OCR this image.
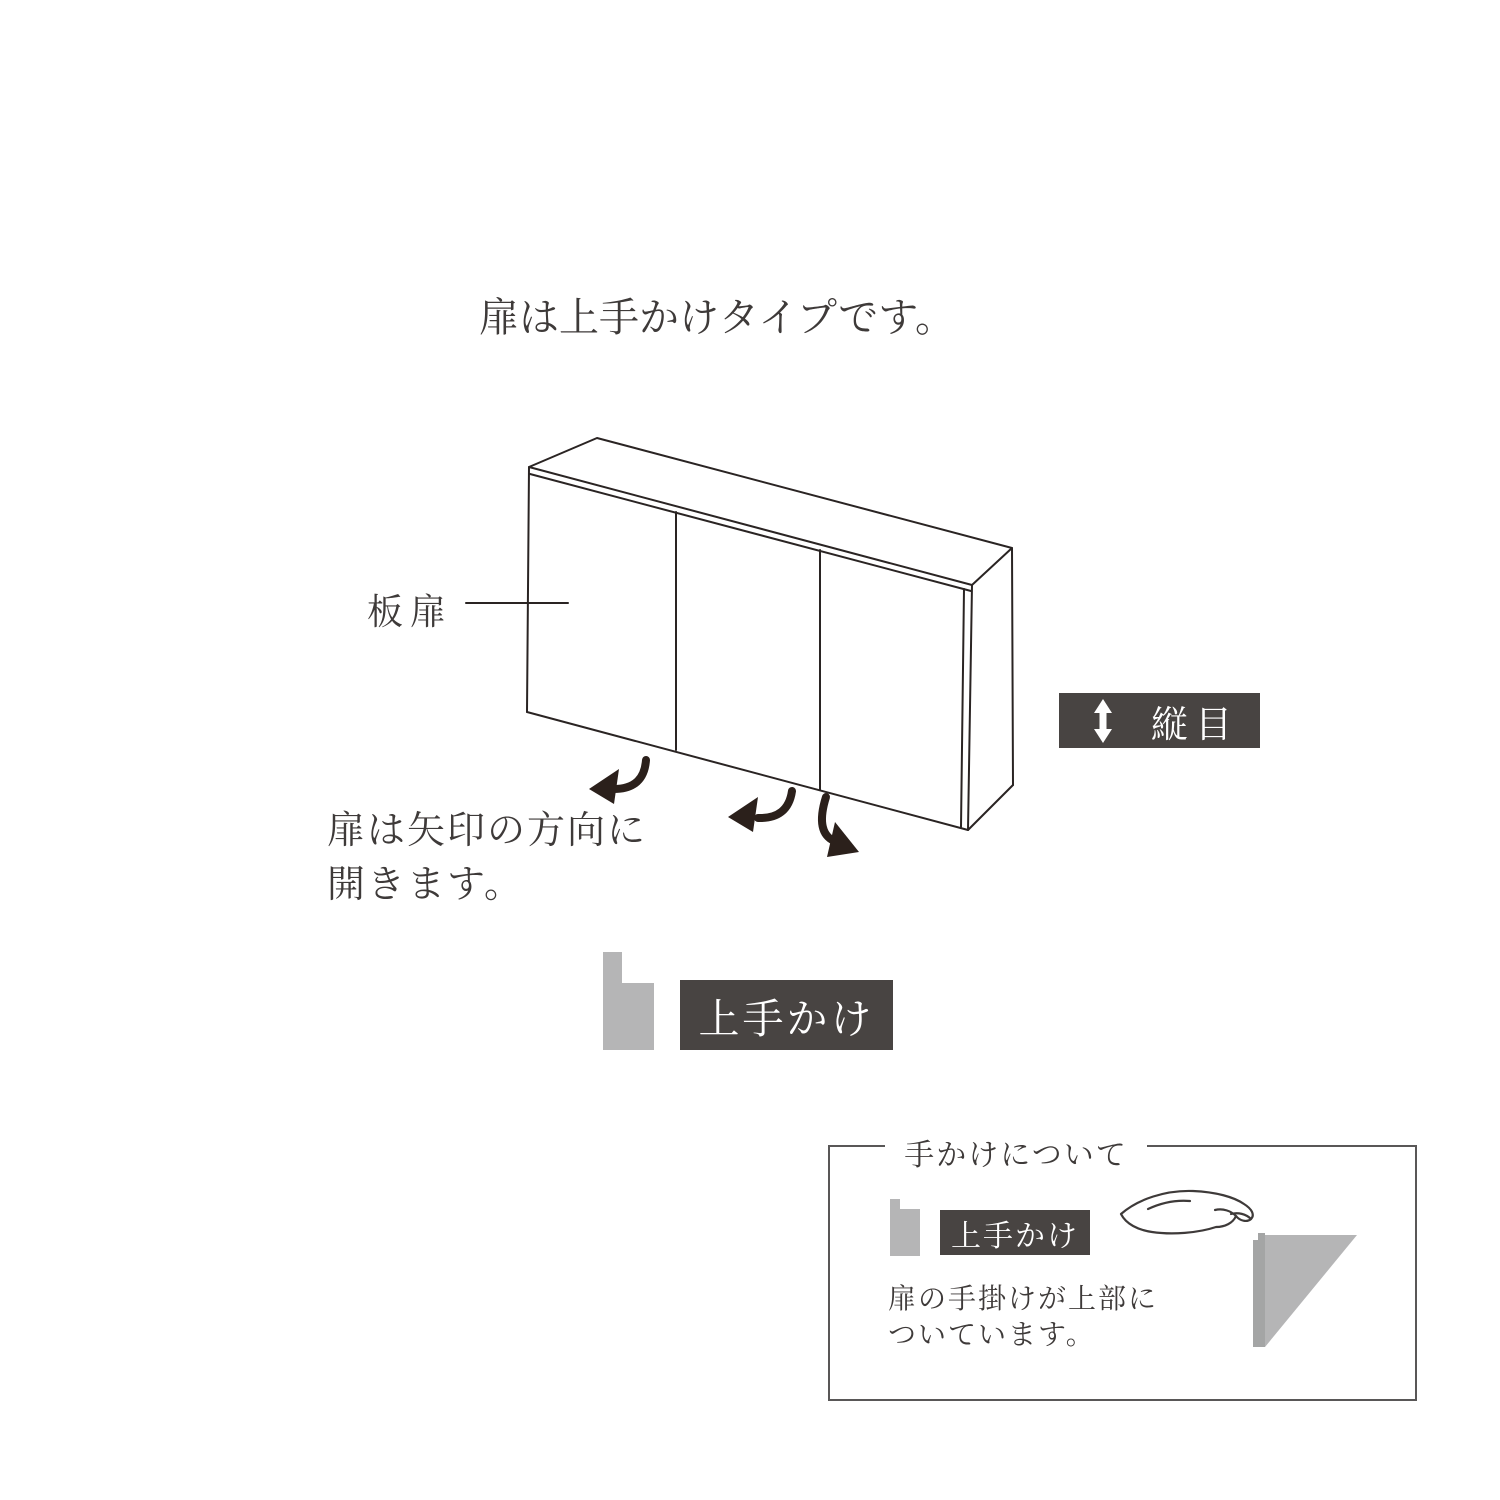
扉は上手かけタイプです。
板扉
縦目
扉は矢印の方向に
開きます。
上手かけ
手かけについて
上手かけ
扉の手掛けが上部に
ついています。
